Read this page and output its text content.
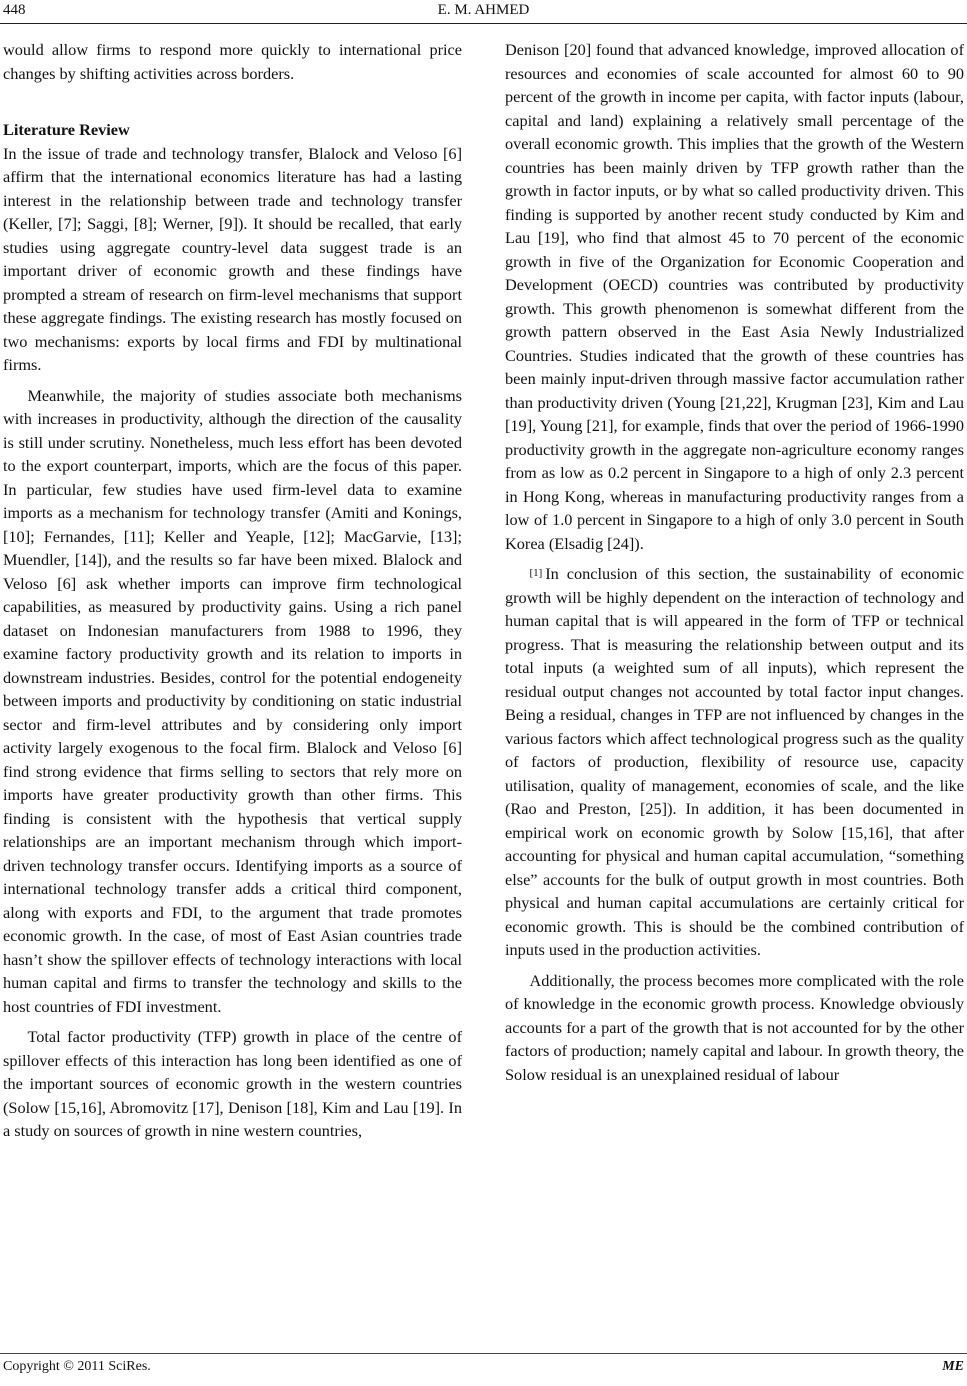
448	E. M. AHMED

would allow firms to respond more quickly to international price changes by shifting activities across borders.

Literature Review

In the issue of trade and technology transfer, Blalock and Veloso [6] affirm that the international economics literature has had a lasting interest in the relationship between trade and technology transfer (Keller, [7]; Saggi, [8]; Werner, [9]). It should be recalled, that early studies using aggregate country-level data suggest trade is an important driver of economic growth and these findings have prompted a stream of research on firm-level mechanisms that support these aggregate findings. The existing research has mostly focused on two mechanisms: exports by local firms and FDI by multinational firms.

Meanwhile, the majority of studies associate both mechanisms with increases in productivity, although the direction of the causality is still under scrutiny. Nonetheless, much less effort has been devoted to the export counterpart, imports, which are the focus of this paper. In particular, few studies have used firm-level data to examine imports as a mechanism for technology transfer (Amiti and Konings, [10]; Fernandes, [11]; Keller and Yeaple, [12]; MacGarvie, [13]; Muendler, [14]), and the results so far have been mixed. Blalock and Veloso [6] ask whether imports can improve firm technological capabilities, as measured by productivity gains. Using a rich panel dataset on Indonesian manufacturers from 1988 to 1996, they examine factory productivity growth and its relation to imports in downstream industries. Besides, control for the potential endogeneity between imports and productivity by conditioning on static industrial sector and firm-level attributes and by considering only import activity largely exogenous to the focal firm. Blalock and Veloso [6] find strong evidence that firms selling to sectors that rely more on imports have greater productivity growth than other firms. This finding is consistent with the hypothesis that vertical supply relationships are an important mechanism through which import-driven technology transfer occurs. Identifying imports as a source of international technology transfer adds a critical third component, along with exports and FDI, to the argument that trade promotes economic growth. In the case, of most of East Asian countries trade hasn’t show the spillover effects of technology interactions with local human capital and firms to transfer the technology and skills to the host countries of FDI investment.

Total factor productivity (TFP) growth in place of the centre of spillover effects of this interaction has long been identified as one of the important sources of economic growth in the western countries (Solow [15,16], Abromovitz [17], Denison [18], Kim and Lau [19]. In a study on sources of growth in nine western countries,

Denison [20] found that advanced knowledge, improved allocation of resources and economies of scale accounted for almost 60 to 90 percent of the growth in income per capita, with factor inputs (labour, capital and land) explaining a relatively small percentage of the overall economic growth. This implies that the growth of the Western countries has been mainly driven by TFP growth rather than the growth in factor inputs, or by what so called productivity driven. This finding is supported by another recent study conducted by Kim and Lau [19], who find that almost 45 to 70 percent of the economic growth in five of the Organization for Economic Cooperation and Development (OECD) countries was contributed by productivity growth. This growth phenomenon is somewhat different from the growth pattern observed in the East Asia Newly Industrialized Countries. Studies indicated that the growth of these countries has been mainly input-driven through massive factor accumulation rather than productivity driven (Young [21,22], Krugman [23], Kim and Lau [19], Young [21], for example, finds that over the period of 1966-1990 productivity growth in the aggregate non-agriculture economy ranges from as low as 0.2 percent in Singapore to a high of only 2.3 percent in Hong Kong, whereas in manufacturing productivity ranges from a low of 1.0 percent in Singapore to a high of only 3.0 percent in South Korea (Elsadig [24]).

[1] In conclusion of this section, the sustainability of economic growth will be highly dependent on the interaction of technology and human capital that is will appeared in the form of TFP or technical progress. That is measuring the relationship between output and its total inputs (a weighted sum of all inputs), which represent the residual output changes not accounted by total factor input changes. Being a residual, changes in TFP are not influenced by changes in the various factors which affect technological progress such as the quality of factors of production, flexibility of resource use, capacity utilisation, quality of management, economies of scale, and the like (Rao and Preston, [25]). In addition, it has been documented in empirical work on economic growth by Solow [15,16], that after accounting for physical and human capital accumulation, “something else” accounts for the bulk of output growth in most countries. Both physical and human capital accumulations are certainly critical for economic growth. This is should be the combined contribution of inputs used in the production activities.

Additionally, the process becomes more complicated with the role of knowledge in the economic growth process. Knowledge obviously accounts for a part of the growth that is not accounted for by the other factors of production; namely capital and labour. In growth theory, the Solow residual is an unexplained residual of labour

Copyright © 2011 SciRes.	ME
